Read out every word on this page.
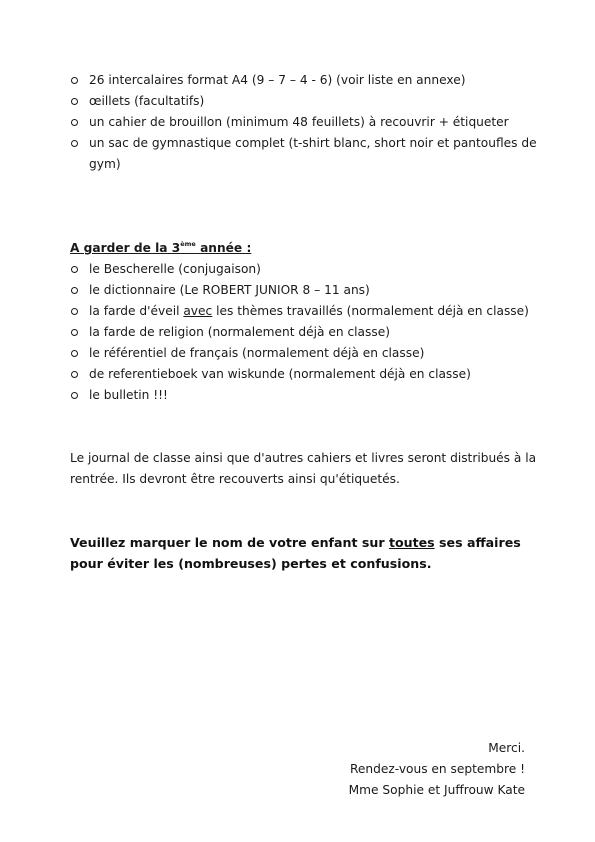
26 intercalaires format A4 (9 – 7 – 4 - 6) (voir liste en annexe)
œillets (facultatifs)
un cahier de brouillon (minimum 48 feuillets) à recouvrir + étiqueter
un sac de gymnastique complet (t-shirt blanc, short noir et pantoufles de gym)
A garder de la 3ème année :
le Bescherelle (conjugaison)
le dictionnaire (Le ROBERT JUNIOR 8 – 11 ans)
la farde d'éveil avec les thèmes travaillés (normalement déjà en classe)
la farde de religion (normalement déjà en classe)
le référentiel de français (normalement déjà en classe)
de referentieboek van wiskunde (normalement déjà en classe)
le bulletin !!!

Le journal de classe ainsi que d'autres cahiers et livres seront distribués à la rentrée. Ils devront être recouverts ainsi qu'étiquetés.

Veuillez marquer le nom de votre enfant sur toutes ses affaires pour éviter les (nombreuses) pertes et confusions.

Merci.
Rendez-vous en septembre !
Mme Sophie et Juffrouw Kate
